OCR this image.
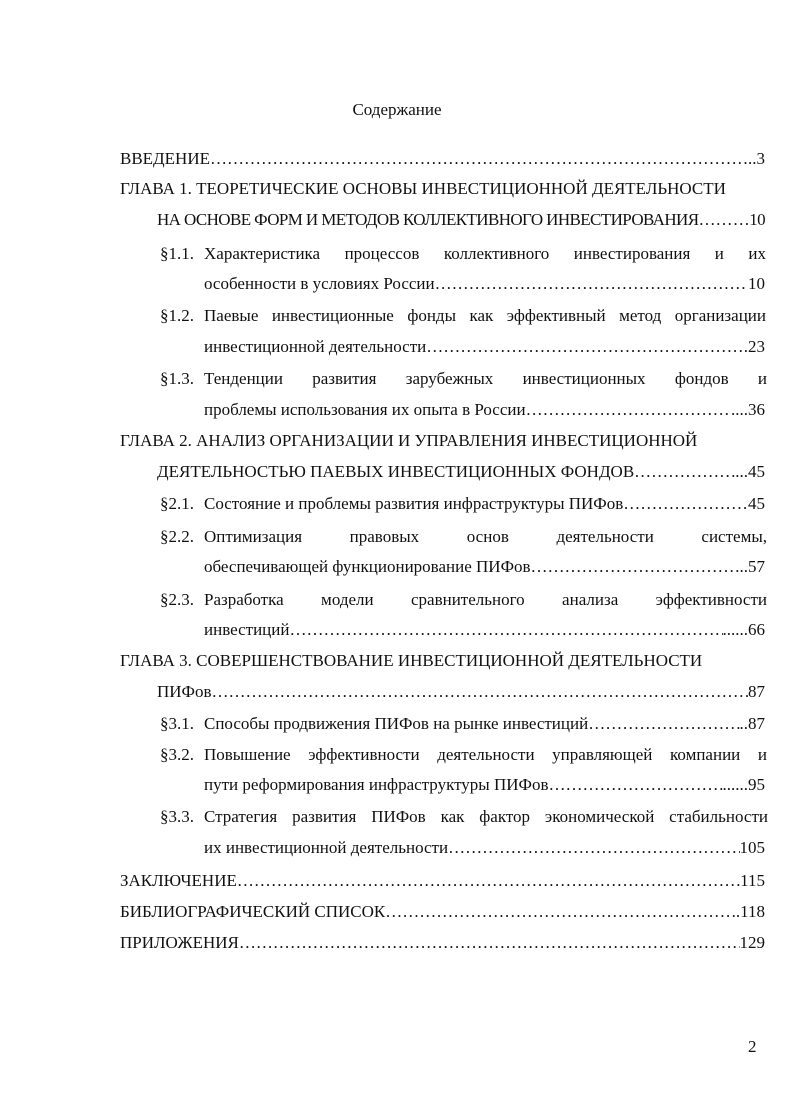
Содержание
ВВЕДЕНИЕ ………………………………………………………………………………………………………………………………………………………………………………………………	..3
ГЛАВА 1. ТЕОРЕТИЧЕСКИЕ ОСНОВЫ ИНВЕСТИЦИОННОЙ ДЕЯТЕЛЬНОСТИ
НА ОСНОВЕ ФОРМ И МЕТОДОВ КОЛЛЕКТИВНОГО ИНВЕСТИРОВАНИЯ ……………………………………………………………………………………………………………………………………………………………………………………………… …10
§1.1. Характеристика процессов коллективного инвестирования и их
особенности в условиях России ………………………………………………………………………………………………………………………………………………………………………………………………	10
§1.2. Паевые инвестиционные фонды как эффективный метод организации
инвестиционной деятельности ………………………………………………………………………………………………………………………………………………………………………………………………	.23
§1.3. Тенденции развития зарубежных инвестиционных фондов и
проблемы использования их опыта в России ………………………………………………………………………………………………………………………………………………………………………………………………	....36
ГЛАВА 2. АНАЛИЗ ОРГАНИЗАЦИИ И УПРАВЛЕНИЯ ИНВЕСТИЦИОННОЙ
ДЕЯТЕЛЬНОСТЬЮ ПАЕВЫХ ИНВЕСТИЦИОННЫХ ФОНДОВ ………………………………………………………………………………………………………………………………………………………………………………………………	...45
§2.1. Состояние и проблемы развития инфраструктуры ПИФов ………………………………………………………………………………………………………………………………………………………………………………………………	45
§2.2. Оптимизация правовых основ деятельности системы,
обеспечивающей функционирование ПИФов ………………………………………………………………………………………………………………………………………………………………………………………………	..57
§2.3. Разработка модели сравнительного анализа эффективности
инвестиций ………………………………………………………………………………………………………………………………………………………………………………………………	......66
ГЛАВА 3. СОВЕРШЕНСТВОВАНИЕ ИНВЕСТИЦИОННОЙ ДЕЯТЕЛЬНОСТИ
ПИФов ………………………………………………………………………………………………………………………………………………………………………………………………	87
§3.1. Способы продвижения ПИФов на рынке инвестиций ………………………………………………………………………………………………………………………………………………………………………………………………	..87
§3.2. Повышение эффективности деятельности управляющей компании и
пути реформирования инфраструктуры ПИФов ………………………………………………………………………………………………………………………………………………………………………………………………	......95
§3.3. Стратегия развития ПИФов как фактор экономической стабильности
их инвестиционной деятельности ………………………………………………………………………………………………………………………………………………………………………………………………	105
ЗАКЛЮЧЕНИЕ ………………………………………………………………………………………………………………………………………………………………………………………………	115
БИБЛИОГРАФИЧЕСКИЙ СПИСОК ………………………………………………………………………………………………………………………………………………………………………………………………	..118
ПРИЛОЖЕНИЯ ………………………………………………………………………………………………………………………………………………………………………………………………	129
2
